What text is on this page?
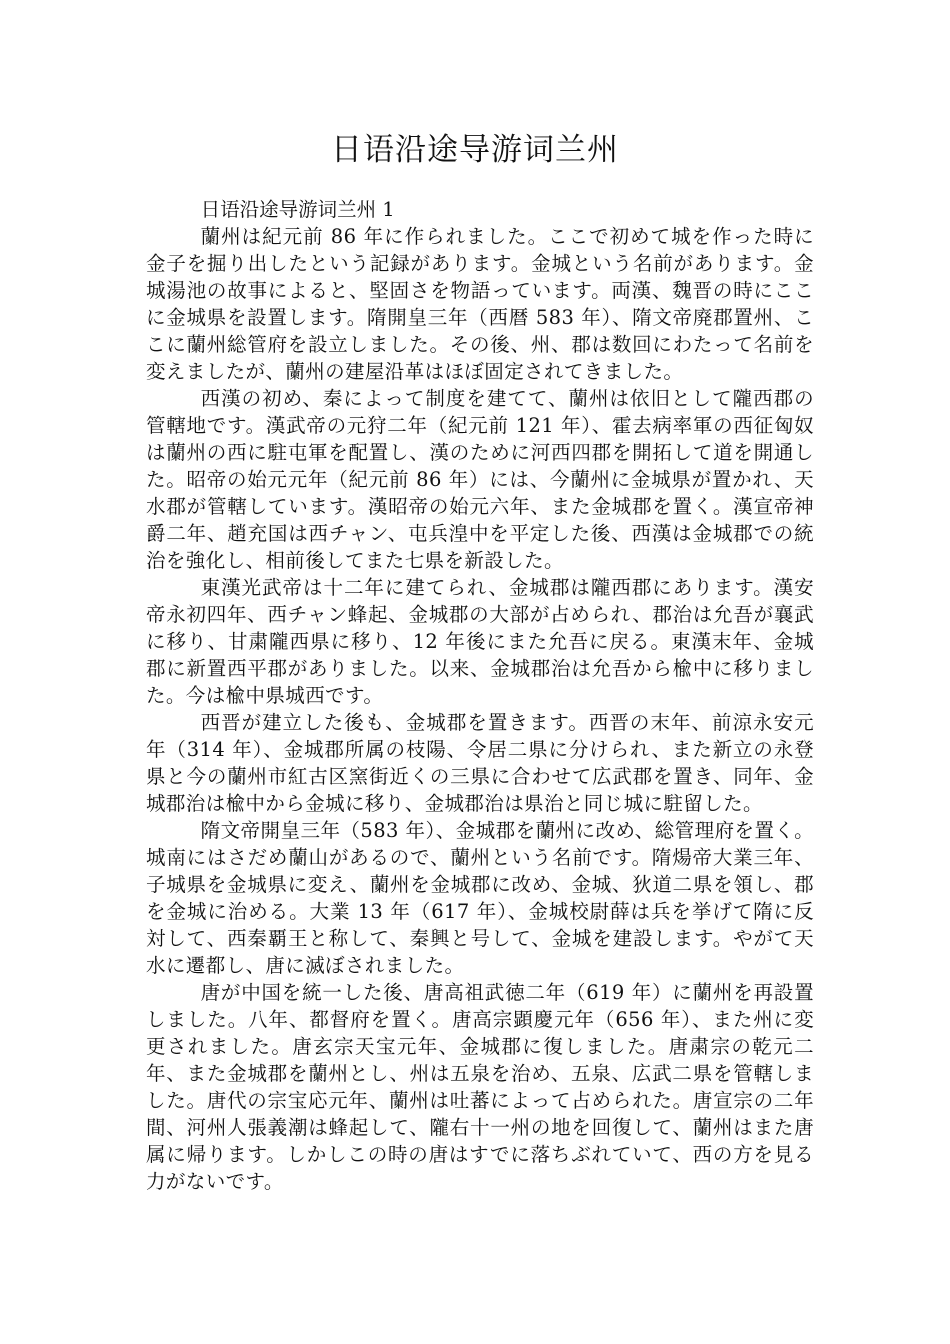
日语沿途导游词兰州

日语沿途导游词兰州 1

蘭州は紀元前 86 年に作られました。ここで初めて城を作った時に金子を掘り出したという記録があります。金城という名前があります。金城湯池の故事によると、堅固さを物語っています。両漢、魏晋の時にここに金城県を設置します。隋開皇三年（西暦 583 年）、隋文帝廃郡置州、ここに蘭州総管府を設立しました。その後、州、郡は数回にわたって名前を変えましたが、蘭州の建屋沿革はほぼ固定されてきました。

西漢の初め、秦によって制度を建てて、蘭州は依旧として隴西郡の管轄地です。漢武帝の元狩二年（紀元前 121 年）、霍去病率軍の西征匈奴は蘭州の西に駐屯軍を配置し、漢のために河西四郡を開拓して道を開通した。昭帝の始元元年（紀元前 86 年）には、今蘭州に金城県が置かれ、天水郡が管轄しています。漢昭帝の始元六年、また金城郡を置く。漢宣帝神爵二年、趙充国は西チャン、屯兵湟中を平定した後、西漢は金城郡での統治を強化し、相前後してまた七県を新設した。

東漢光武帝は十二年に建てられ、金城郡は隴西郡にあります。漢安帝永初四年、西チャン蜂起、金城郡の大部が占められ、郡治は允吾が襄武に移り、甘粛隴西県に移り、12 年後にまた允吾に戻る。東漢末年、金城郡に新置西平郡がありました。以来、金城郡治は允吾から楡中に移りました。今は楡中県城西です。

西晋が建立した後も、金城郡を置きます。西晋の末年、前涼永安元年（314 年）、金城郡所属の枝陽、令居二県に分けられ、また新立の永登県と今の蘭州市紅古区窯街近くの三県に合わせて広武郡を置き、同年、金城郡治は楡中から金城に移り、金城郡治は県治と同じ城に駐留した。

隋文帝開皇三年（583 年）、金城郡を蘭州に改め、総管理府を置く。城南にはさだめ蘭山があるので、蘭州という名前です。隋煬帝大業三年、子城県を金城県に変え、蘭州を金城郡に改め、金城、狄道二県を領し、郡を金城に治める。大業 13 年（617 年）、金城校尉薛は兵を挙げて隋に反対して、西秦覇王と称して、秦興と号して、金城を建設します。やがて天水に遷都し、唐に滅ぼされました。

唐が中国を統一した後、唐高祖武徳二年（619 年）に蘭州を再設置しました。八年、都督府を置く。唐高宗顕慶元年（656 年）、また州に変更されました。唐玄宗天宝元年、金城郡に復しました。唐粛宗の乾元二年、また金城郡を蘭州とし、州は五泉を治め、五泉、広武二県を管轄しました。唐代の宗宝応元年、蘭州は吐蕃によって占められた。唐宣宗の二年間、河州人張義潮は蜂起して、隴右十一州の地を回復して、蘭州はまた唐属に帰ります。しかしこの時の唐はすでに落ちぶれていて、西の方を見る力がないです。
